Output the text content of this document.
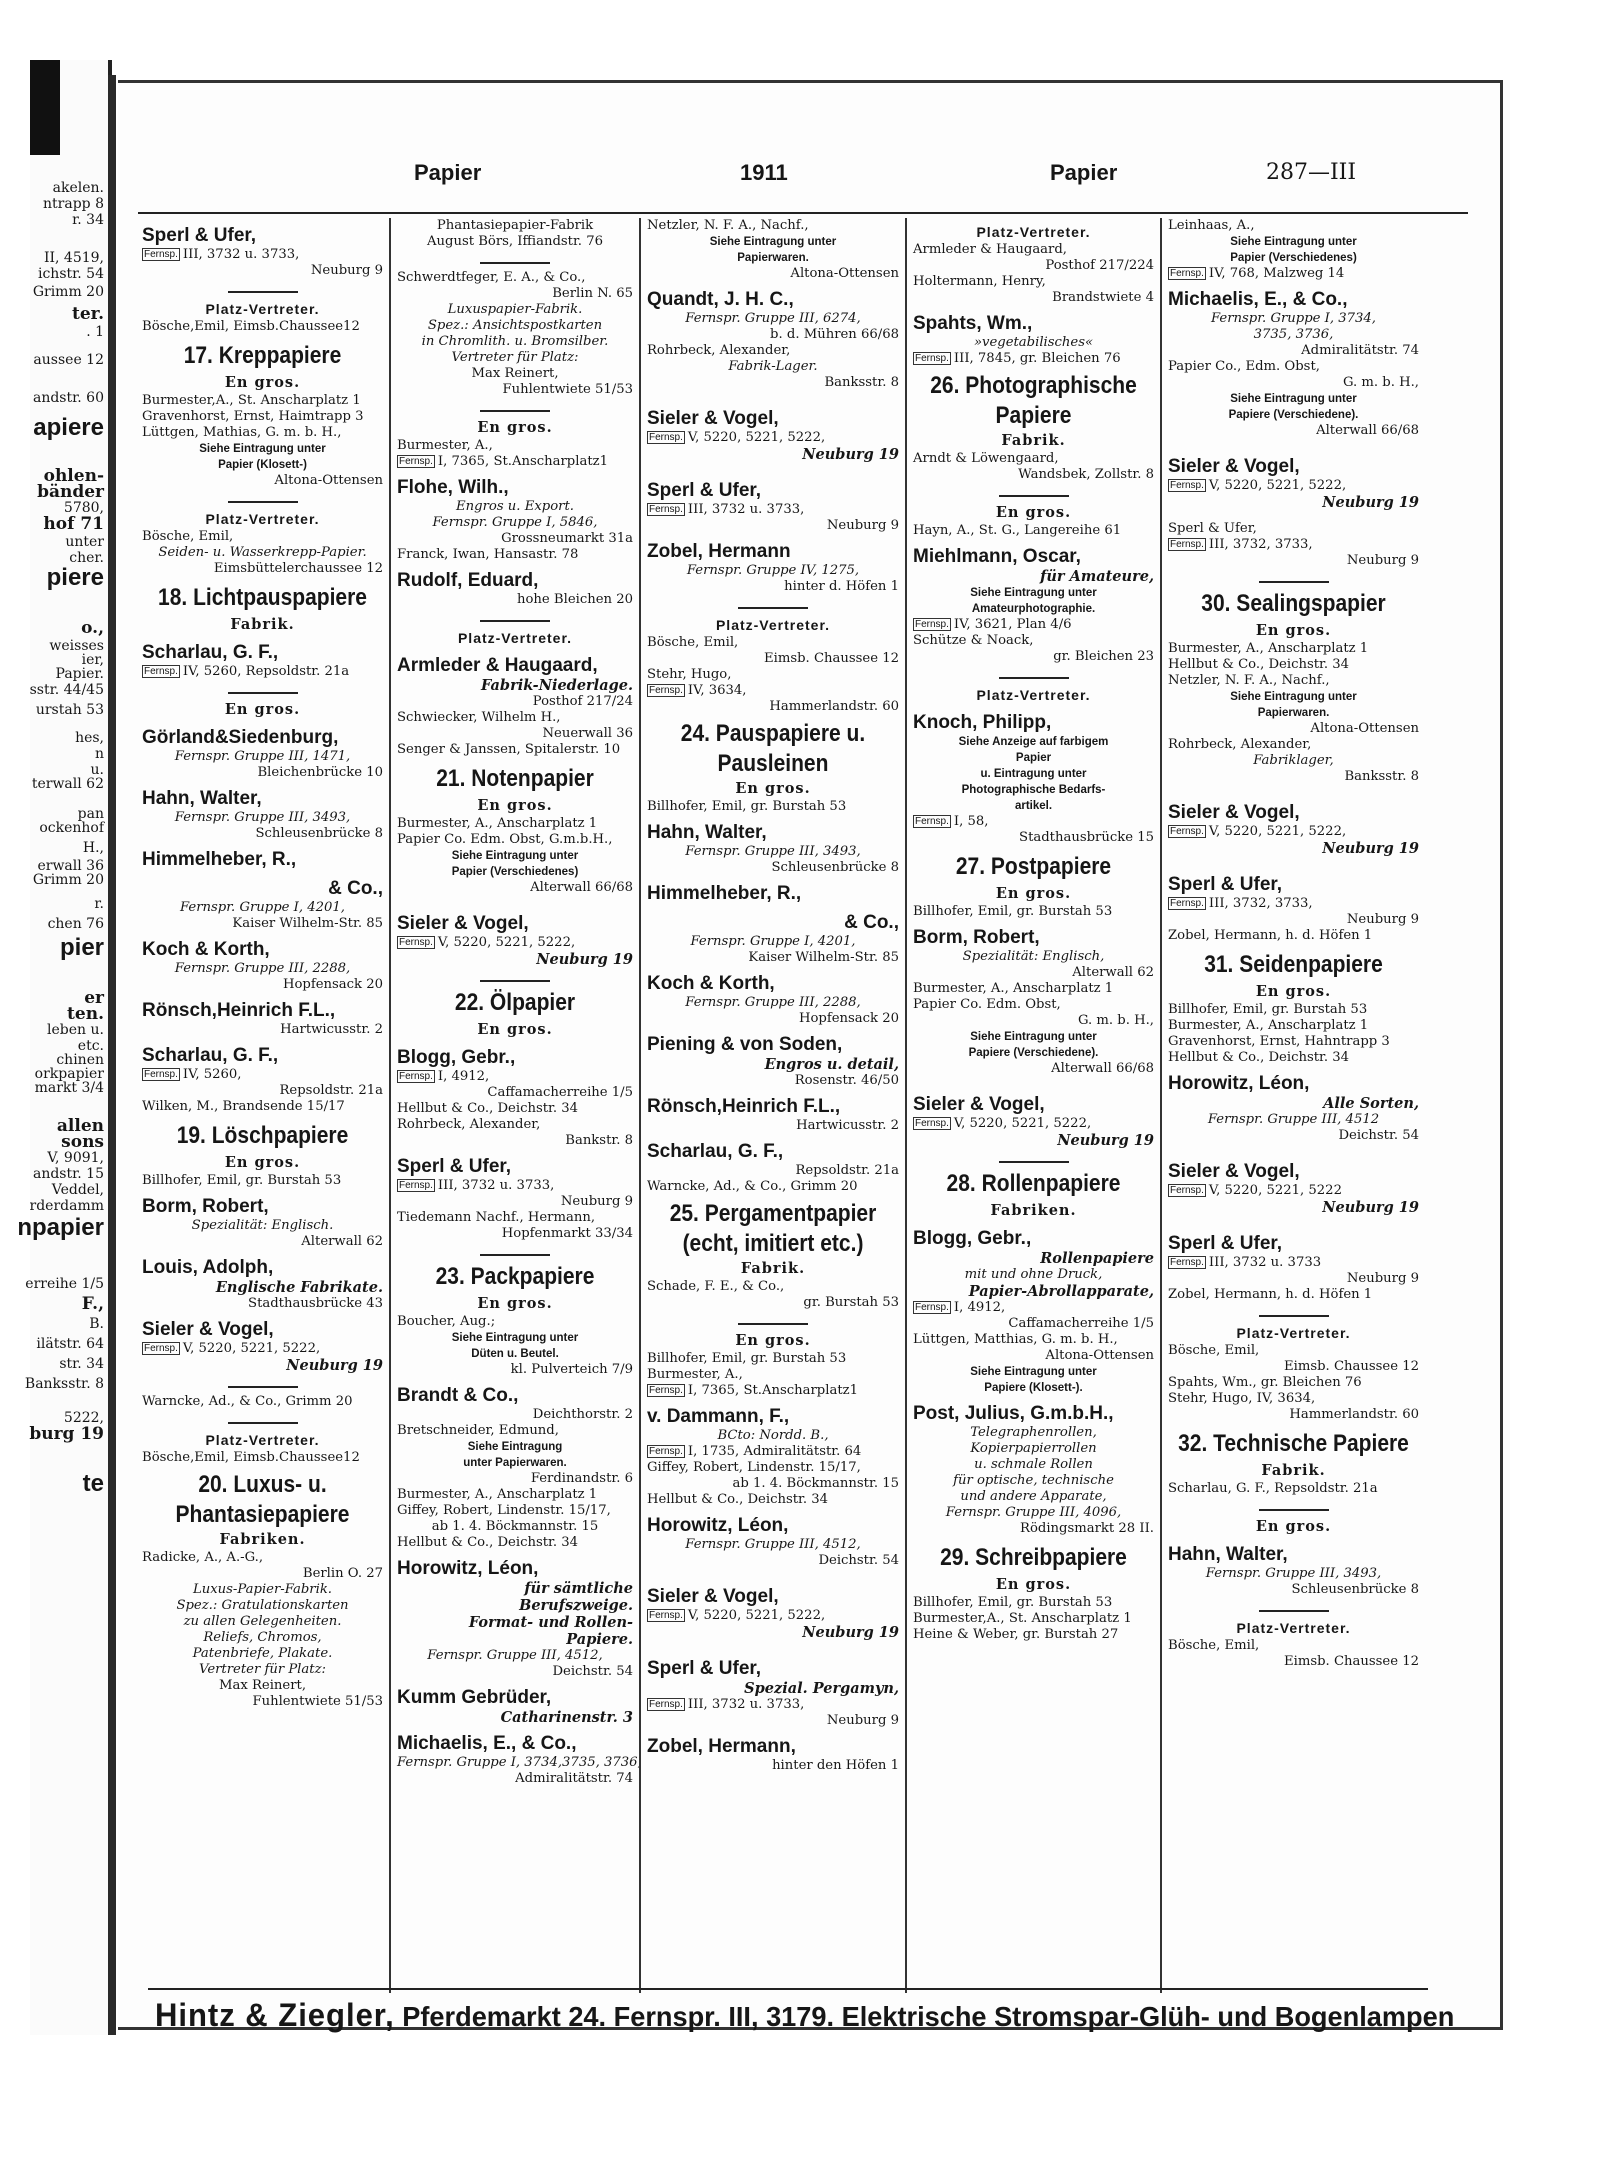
akelen.
ntrapp 8
r. 34
II, 4519,
ichstr. 54
Grimm 20
ter.
. 1
aussee 12
andstr. 60
apiere
ohlen-
bänder
5780,
hof 71
unter
cher.
piere
o.,
weisses
ier,
Papier.
sstr. 44/45
urstah 53
hes,
n
u.
terwall 62
pan
ockenhof
H.,
erwall 36
Grimm 20
r.
chen 76
pier
er
ten.
leben u.
etc.
chinen
orkpapier
markt 3/4
allen
sons
V, 9091,
andstr. 15
Veddel,
rderdamm
npapier
erreihe 1/5
F.,
B.
ilätstr. 64
str. 34
Banksstr. 8
5222,
burg 19
te
Papier	1911	Papier	287—III
Sperl & Ufer,
Fernsp. III, 3732 u. 3733,
Neuburg 9
Platz-Vertreter.
Bösche,Emil, Eimsb.Chaussee12
17. Kreppapiere
En gros.
Burmester,A., St. Anscharplatz 1
Gravenhorst, Ernst, Haimtrapp 3
Lüttgen, Mathias, G. m. b. H.,
Siehe Eintragung unter
Papier (Klosett-)
Altona-Ottensen
Platz-Vertreter.
Bösche, Emil,
Seiden- u. Wasserkrepp-Papier.
Eimsbüttelerchaussee 12
18. Lichtpauspapiere
Fabrik.
Scharlau, G. F.,
Fernsp. IV, 5260, Repsoldstr. 21a
En gros.
Görland&Siedenburg,
Fernspr. Gruppe III, 1471,
Bleichenbrücke 10
Hahn, Walter,
Fernspr. Gruppe III, 3493,
Schleusenbrücke 8
Himmelheber, R.,
& Co.,
Fernspr. Gruppe I, 4201,
Kaiser Wilhelm-Str. 85
Koch & Korth,
Fernspr. Gruppe III, 2288,
Hopfensack 20
Rönsch,Heinrich F.L.,
Hartwicusstr. 2
Scharlau, G. F.,
Fernsp. IV, 5260,
Repsoldstr. 21a
Wilken, M., Brandsende 15/17
19. Löschpapiere
En gros.
Billhofer, Emil, gr. Burstah 53
Borm, Robert,
Spezialität: Englisch.
Alterwall 62
Louis, Adolph,
Englische Fabrikate.
Stadthausbrücke 43
Sieler & Vogel,
Fernsp. V, 5220, 5221, 5222,
Neuburg 19
Warncke, Ad., & Co., Grimm 20
Platz-Vertreter.
Bösche,Emil, Eimsb.Chaussee12
20. Luxus- u. Phantasiepapiere
Fabriken.
Radicke, A., A.-G.,
Berlin O. 27
Luxus-Papier-Fabrik.
Spez.: Gratulationskarten
zu allen Gelegenheiten.
Reliefs, Chromos,
Patenbriefe, Plakate.
Vertreter für Platz:
Max Reinert,
Fuhlentwiete 51/53
Phantasiepapier-Fabrik
August Börs, Iffiandstr. 76
Schwerdtfeger, E. A., & Co.,
Berlin N. 65
Luxuspapier-Fabrik.
Spez.: Ansichtspostkarten
in Chromlith. u. Bromsilber.
Vertreter für Platz:
Max Reinert,
Fuhlentwiete 51/53
En gros.
Burmester, A.,
Fernsp. I, 7365, St.Anscharplatz1
Flohe, Wilh.,
Engros u. Export.
Fernspr. Gruppe I, 5846,
Grossneumarkt 31a
Franck, Iwan, Hansastr. 78
Rudolf, Eduard,
hohe Bleichen 20
Platz-Vertreter.
Armleder & Haugaard,
Fabrik-Niederlage.
Posthof 217/24
Schwiecker, Wilhelm H.,
Neuerwall 36
Senger & Janssen, Spitalerstr. 10
21. Notenpapier
En gros.
Burmester, A., Anscharplatz 1
Papier Co. Edm. Obst, G.m.b.H.,
Siehe Eintragung unter
Papier (Verschiedenes)
Alterwall 66/68
Sieler & Vogel,
Fernsp. V, 5220, 5221, 5222,
Neuburg 19
22. Ölpapier
En gros.
Blogg, Gebr.,
Fernsp. I, 4912,
Caffamacherreihe 1/5
Hellbut & Co., Deichstr. 34
Rohrbeck, Alexander,
Bankstr. 8
Sperl & Ufer,
Fernsp. III, 3732 u. 3733,
Neuburg 9
Tiedemann Nachf., Hermann,
Hopfenmarkt 33/34
23. Packpapiere
En gros.
Boucher, Aug.;
Siehe Eintragung unter
Düten u. Beutel.
kl. Pulverteich 7/9
Brandt & Co.,
Deichthorstr. 2
Bretschneider, Edmund,
Siehe Eintragung
unter Papierwaren.
Ferdinandstr. 6
Burmester, A., Anscharplatz 1
Giffey, Robert, Lindenstr. 15/17,
ab 1. 4. Böckmannstr. 15
Hellbut & Co., Deichstr. 34
Horowitz, Léon,
für sämtliche
Berufszweige.
Format- und Rollen-
Papiere.
Fernspr. Gruppe III, 4512,
Deichstr. 54
Kumm Gebrüder,
Catharinenstr. 3
Michaelis, E., & Co.,
Fernspr. Gruppe I, 3734,3735, 3736,
Admiralitätstr. 74
Netzler, N. F. A., Nachf.,
Siehe Eintragung unter
Papierwaren.
Altona-Ottensen
Quandt, J. H. C.,
Fernspr. Gruppe III, 6274,
b. d. Mühren 66/68
Rohrbeck, Alexander,
Fabrik-Lager.
Banksstr. 8
Sieler & Vogel,
Fernsp. V, 5220, 5221, 5222,
Neuburg 19
Sperl & Ufer,
Fernsp. III, 3732 u. 3733,
Neuburg 9
Zobel, Hermann
Fernspr. Gruppe IV, 1275,
hinter d. Höfen 1
Platz-Vertreter.
Bösche, Emil,
Eimsb. Chaussee 12
Stehr, Hugo,
Fernsp. IV, 3634,
Hammerlandstr. 60
24. Pauspapiere u. Pausleinen
En gros.
Billhofer, Emil, gr. Burstah 53
Hahn, Walter,
Fernspr. Gruppe III, 3493,
Schleusenbrücke 8
Himmelheber, R.,
& Co.,
Fernspr. Gruppe I, 4201,
Kaiser Wilhelm-Str. 85
Koch & Korth,
Fernspr. Gruppe III, 2288,
Hopfensack 20
Piening & von Soden,
Engros u. detail,
Rosenstr. 46/50
Rönsch,Heinrich F.L.,
Hartwicusstr. 2
Scharlau, G. F.,
Repsoldstr. 21a
Warncke, Ad., & Co., Grimm 20
25. Pergamentpapier (echt, imitiert etc.)
Fabrik.
Schade, F. E., & Co.,
gr. Burstah 53
En gros.
Billhofer, Emil, gr. Burstah 53
Burmester, A.,
Fernsp. I, 7365, St.Anscharplatz1
v. Dammann, F.,
BCto: Nordd. B.,
Fernsp. I, 1735, Admiralitätstr. 64
Giffey, Robert, Lindenstr. 15/17,
ab 1. 4. Böckmannstr. 15
Hellbut & Co., Deichstr. 34
Horowitz, Léon,
Fernspr. Gruppe III, 4512,
Deichstr. 54
Sieler & Vogel,
Fernsp. V, 5220, 5221, 5222,
Neuburg 19
Sperl & Ufer,
Spezial. Pergamyn,
Fernsp. III, 3732 u. 3733,
Neuburg 9
Zobel, Hermann,
hinter den Höfen 1
Platz-Vertreter.
Armleder & Haugaard,
Posthof 217/224
Holtermann, Henry,
Brandstwiete 4
Spahts, Wm.,
»vegetabilisches«
Fernsp. III, 7845, gr. Bleichen 76
26. Photographische Papiere
Fabrik.
Arndt & Löwengaard,
Wandsbek, Zollstr. 8
En gros.
Hayn, A., St. G., Langereihe 61
Miehlmann, Oscar,
für Amateure,
Siehe Eintragung unter
Amateurphotographie.
Fernsp. IV, 3621, Plan 4/6
Schütze & Noack,
gr. Bleichen 23
Platz-Vertreter.
Knoch, Philipp,
Siehe Anzeige auf farbigem
Papier
u. Eintragung unter
Photographische Bedarfs-
artikel.
Fernsp. I, 58,
Stadthausbrücke 15
27. Postpapiere
En gros.
Billhofer, Emil, gr. Burstah 53
Borm, Robert,
Spezialität: Englisch,
Alterwall 62
Burmester, A., Anscharplatz 1
Papier Co. Edm. Obst,
G. m. b. H.,
Siehe Eintragung unter
Papiere (Verschiedene).
Alterwall 66/68
Sieler & Vogel,
Fernsp. V, 5220, 5221, 5222,
Neuburg 19
28. Rollenpapiere
Fabriken.
Blogg, Gebr.,
Rollenpapiere
mit und ohne Druck,
Papier-Abrollapparate,
Fernsp. I, 4912,
Caffamacherreihe 1/5
Lüttgen, Matthias, G. m. b. H.,
Altona-Ottensen
Siehe Eintragung unter
Papiere (Klosett-).
Post, Julius, G.m.b.H.,
Telegraphenrollen,
Kopierpapierrollen
u. schmale Rollen
für optische, technische
und andere Apparate,
Fernspr. Gruppe III, 4096,
Rödingsmarkt 28 II.
29. Schreibpapiere
En gros.
Billhofer, Emil, gr. Burstah 53
Burmester,A., St. Anscharplatz 1
Heine & Weber, gr. Burstah 27
Leinhaas, A.,
Siehe Eintragung unter
Papier (Verschiedenes)
Fernsp. IV, 768, Malzweg 14
Michaelis, E., & Co.,
Fernspr. Gruppe I, 3734,
3735, 3736,
Admiralitätstr. 74
Papier Co., Edm. Obst,
G. m. b. H.,
Siehe Eintragung unter
Papiere (Verschiedene).
Alterwall 66/68
Sieler & Vogel,
Fernsp. V, 5220, 5221, 5222,
Neuburg 19
Sperl & Ufer,
Fernsp. III, 3732, 3733,
Neuburg 9
30. Sealingspapier
En gros.
Burmester, A., Anscharplatz 1
Hellbut & Co., Deichstr. 34
Netzler, N. F. A., Nachf.,
Siehe Eintragung unter
Papierwaren.
Altona-Ottensen
Rohrbeck, Alexander,
Fabriklager,
Banksstr. 8
Sieler & Vogel,
Fernsp. V, 5220, 5221, 5222,
Neuburg 19
Sperl & Ufer,
Fernsp. III, 3732, 3733,
Neuburg 9
Zobel, Hermann, h. d. Höfen 1
31. Seidenpapiere
En gros.
Billhofer, Emil, gr. Burstah 53
Burmester, A., Anscharplatz 1
Gravenhorst, Ernst, Hahntrapp 3
Hellbut & Co., Deichstr. 34
Horowitz, Léon,
Alle Sorten,
Fernspr. Gruppe III, 4512
Deichstr. 54
Sieler & Vogel,
Fernsp. V, 5220, 5221, 5222
Neuburg 19
Sperl & Ufer,
Fernsp. III, 3732 u. 3733
Neuburg 9
Zobel, Hermann, h. d. Höfen 1
Platz-Vertreter.
Bösche, Emil,
Eimsb. Chaussee 12
Spahts, Wm., gr. Bleichen 76
Stehr, Hugo, IV, 3634,
Hammerlandstr. 60
32. Technische Papiere
Fabrik.
Scharlau, G. F., Repsoldstr. 21a
En gros.
Hahn, Walter,
Fernspr. Gruppe III, 3493,
Schleusenbrücke 8
Platz-Vertreter.
Bösche, Emil,
Eimsb. Chaussee 12
Hintz & Ziegler, Pferdemarkt 24. Fernspr. III, 3179. Elektrische Stromspar-Glüh- und Bogenlampen
